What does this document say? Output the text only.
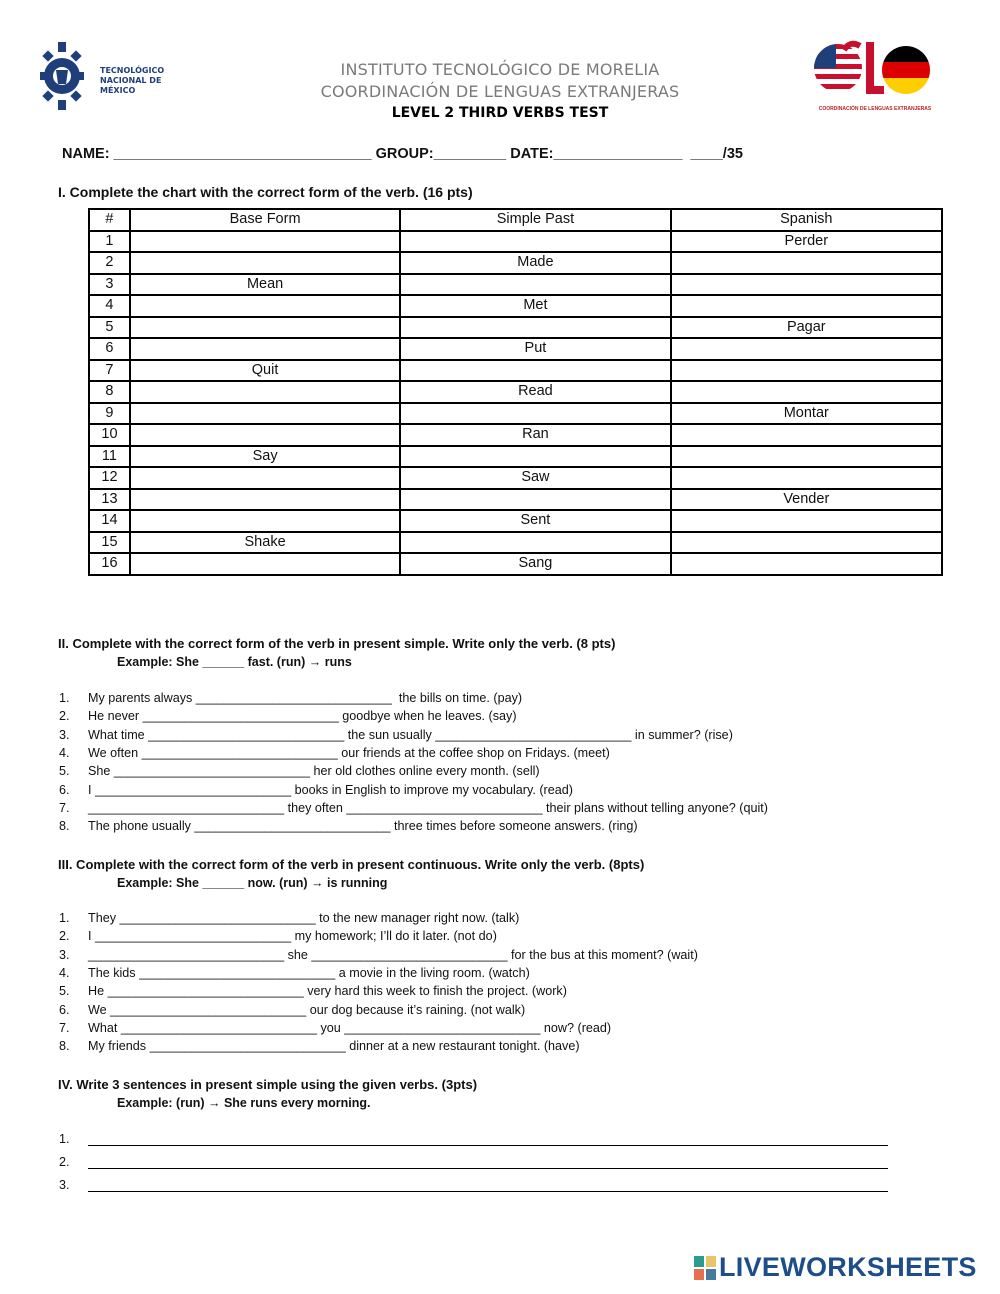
TECNOLÓGICO
NACIONAL DE MÉXICO
COORDINACIÓN DE LENGUAS EXTRANJERAS
INSTITUTO TECNOLÓGICO DE MORELIA
COORDINACIÓN DE LENGUAS EXTRANJERAS
LEVEL 2 THIRD VERBS TEST
NAME: ________________________________ GROUP:_________ DATE:________________  ____/35
I. Complete the chart with the correct form of the verb. (16 pts)
#	Base Form	Simple Past	Spanish
1			Perder
2		Made	
3	Mean		
4		Met	
5			Pagar
6		Put	
7	Quit		
8		Read	
9			Montar
10		Ran	
11	Say		
12		Saw	
13			Vender
14		Sent	
15	Shake		
16		Sang	
II. Complete with the correct form of the verb in present simple. Write only the verb. (8 pts)
Example: She ______ fast. (run) → runs
1. My parents always ____________________________  the bills on time. (pay)
2. He never ____________________________ goodbye when he leaves. (say)
3. What time ____________________________ the sun usually ____________________________ in summer? (rise)
4. We often ____________________________ our friends at the coffee shop on Fridays. (meet)
5. She ____________________________ her old clothes online every month. (sell)
6. I ____________________________ books in English to improve my vocabulary. (read)
7. ____________________________ they often ____________________________ their plans without telling anyone? (quit)
8. The phone usually ____________________________ three times before someone answers. (ring)
III. Complete with the correct form of the verb in present continuous. Write only the verb. (8pts)
Example: She ______ now. (run) → is running
1. They ____________________________ to the new manager right now. (talk)
2. I ____________________________ my homework; I’ll do it later. (not do)
3. ____________________________ she ____________________________ for the bus at this moment? (wait)
4. The kids ____________________________ a movie in the living room. (watch)
5. He ____________________________ very hard this week to finish the project. (work)
6. We ____________________________ our dog because it’s raining. (not walk)
7. What ____________________________ you ____________________________ now? (read)
8. My friends ____________________________ dinner at a new restaurant tonight. (have)
IV. Write 3 sentences in present simple using the given verbs. (3pts)
Example: (run) → She runs every morning.
1.
2.
3.
LIVEWORKSHEETS
